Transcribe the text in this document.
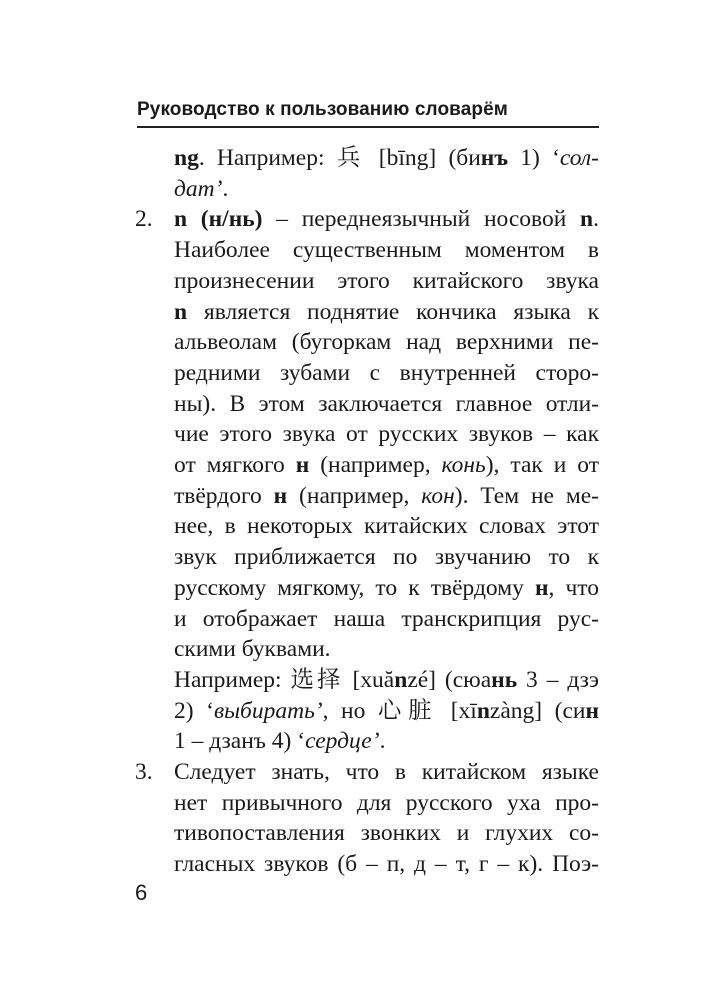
Руководство к пользованию словарём
ng. Например: 兵 [bīng] (бинъ 1) ‘сол-
дат’.
2. n (н/нь) – переднеязычный носовой n.
Наиболее существенным моментом в
произнесении этого китайского звука
n является поднятие кончика языка к
альвеолам (бугоркам над верхними пе-
редними зубами с внутренней сторо-
ны). В этом заключается главное отли-
чие этого звука от русских звуков – как
от мягкого н (например, конь), так и от
твёрдого н (например, кон). Тем не ме-
нее, в некоторых китайских словах этот
звук приближается по звучанию то к
русскому мягкому, то к твёрдому н, что
и отображает наша транскрипция рус-
скими буквами.
Например: 选择 [xuănzé] (сюань 3 – дзэ
2) ‘выбирать’, но 心脏 [xīnzàng] (син
1 – дзанъ 4) ‘сердце’.
3. Следует знать, что в китайском языке
нет привычного для русского уха про-
тивопоставления звонких и глухих со-
гласных звуков (б – п, д – т, г – к). Поэ-
6
